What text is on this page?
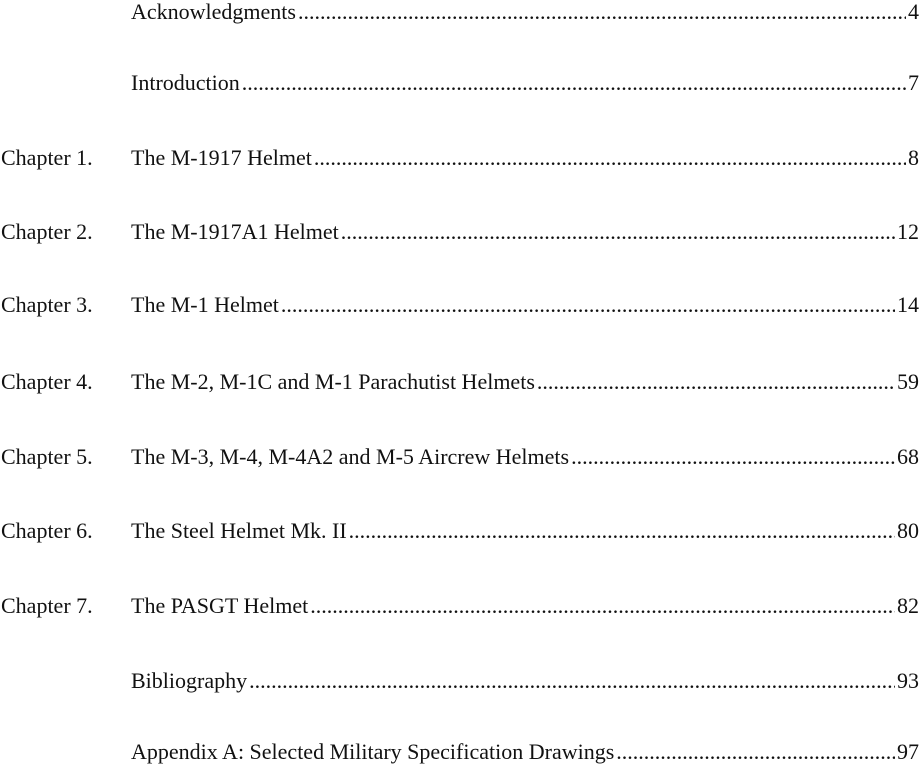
Acknowledgments .....	4
Introduction .....	7
Chapter 1. The M-1917 Helmet .....	8
Chapter 2. The M-1917A1 Helmet .....	12
Chapter 3. The M-1 Helmet .....	14
Chapter 4. The M-2, M-1C and M-1 Parachutist Helmets .....	59
Chapter 5. The M-3, M-4, M-4A2 and M-5 Aircrew Helmets .....	68
Chapter 6. The Steel Helmet Mk. II .....	80
Chapter 7. The PASGT Helmet .....	82
Bibliography .....	93
Appendix A: Selected Military Specification Drawings .....	97
